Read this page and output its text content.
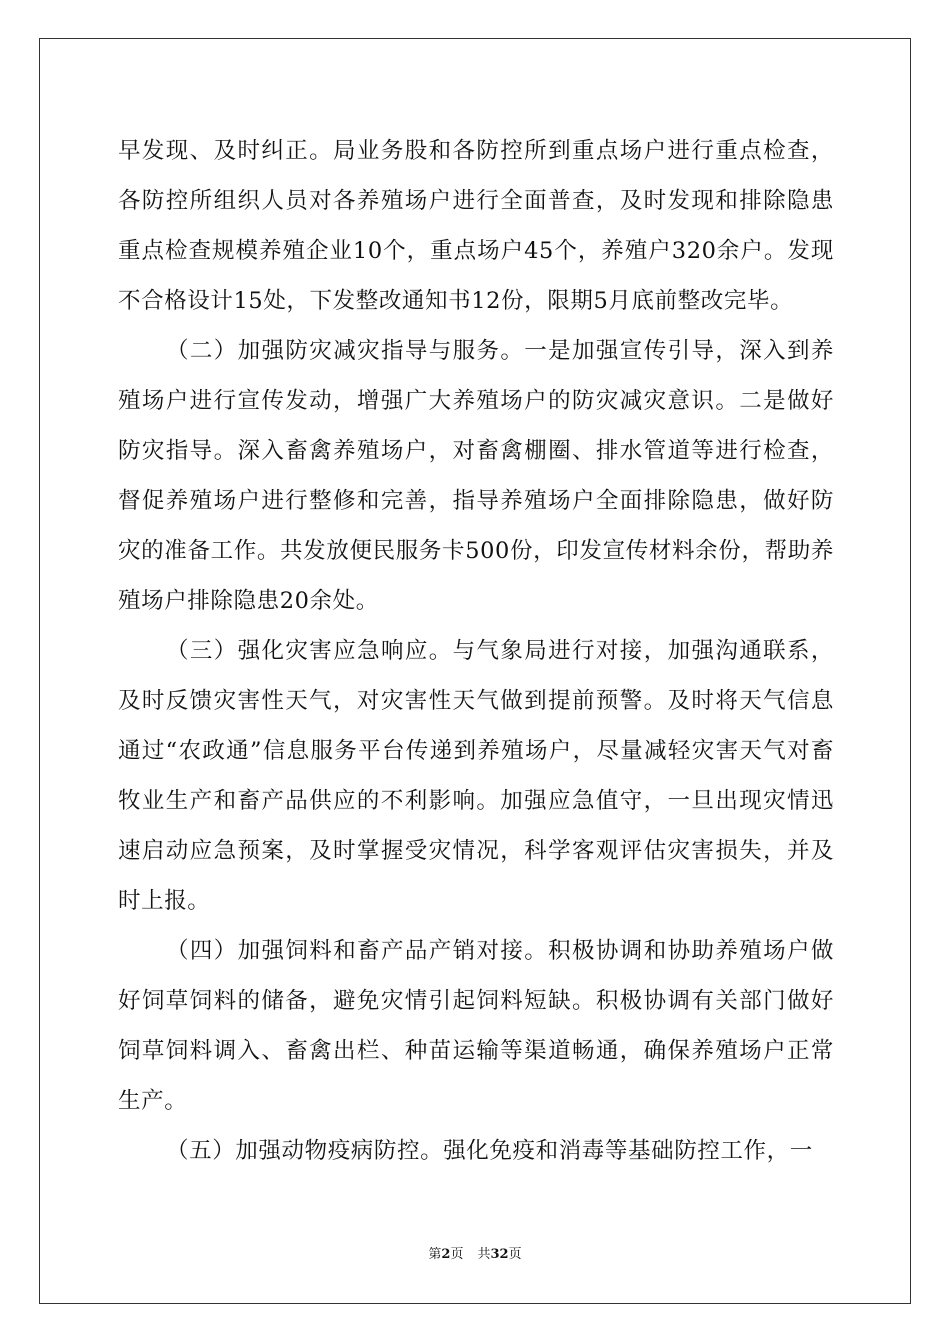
早发现、及时纠正。局业务股和各防控所到重点场户进行重点检查，各防控所组织人员对各养殖场户进行全面普查，及时发现和排除隐患重点检查规模养殖企业10个，重点场户45个，养殖户320余户。发现不合格设计15处，下发整改通知书12份，限期5月底前整改完毕。

（二）加强防灾减灾指导与服务。一是加强宣传引导，深入到养殖场户进行宣传发动，增强广大养殖场户的防灾减灾意识。二是做好防灾指导。深入畜禽养殖场户，对畜禽棚圈、排水管道等进行检查，督促养殖场户进行整修和完善，指导养殖场户全面排除隐患，做好防灾的准备工作。共发放便民服务卡500份，印发宣传材料余份，帮助养殖场户排除隐患20余处。

（三）强化灾害应急响应。与气象局进行对接，加强沟通联系，及时反馈灾害性天气，对灾害性天气做到提前预警。及时将天气信息通过“农政通”信息服务平台传递到养殖场户，尽量减轻灾害天气对畜牧业生产和畜产品供应的不利影响。加强应急值守，一旦出现灾情迅速启动应急预案，及时掌握受灾情况，科学客观评估灾害损失，并及时上报。

（四）加强饲料和畜产品产销对接。积极协调和协助养殖场户做好饲草饲料的储备，避免灾情引起饲料短缺。积极协调有关部门做好饲草饲料调入、畜禽出栏、种苗运输等渠道畅通，确保养殖场户正常生产。

（五）加强动物疫病防控。强化免疫和消毒等基础防控工作，一

第2页 共32页
